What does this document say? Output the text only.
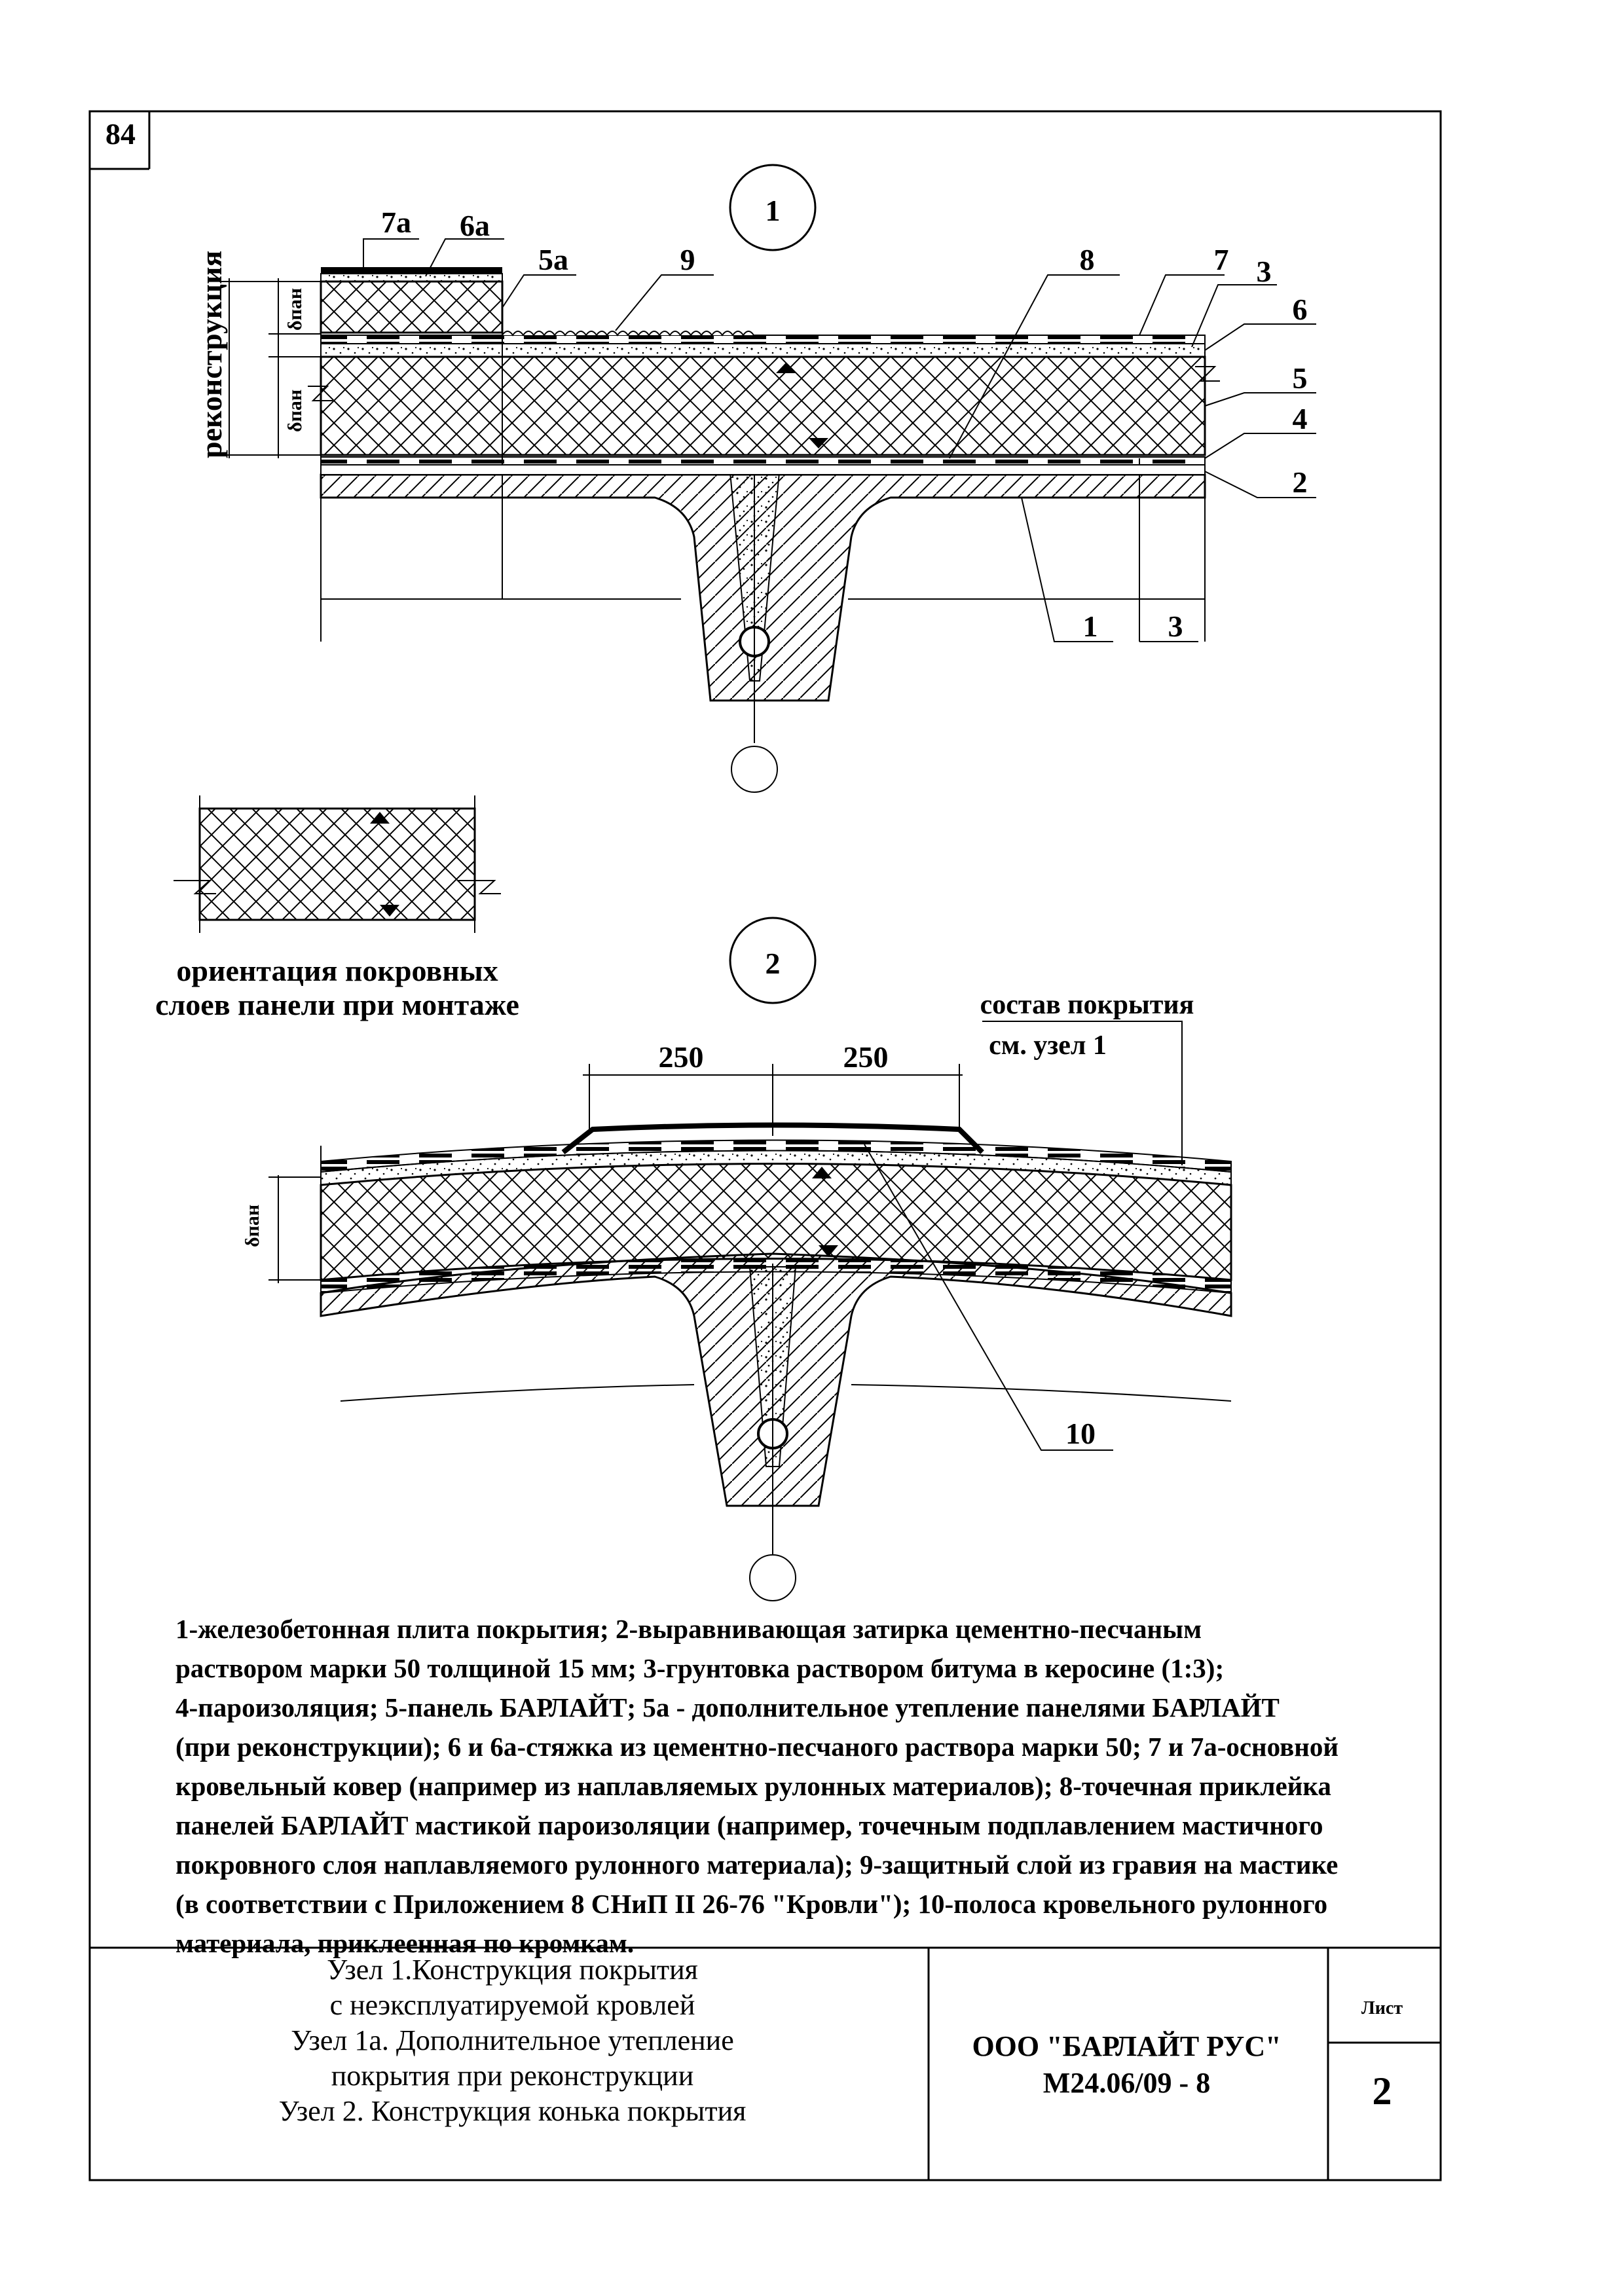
1
реконструкция	δпан
δпан
7а 6а
5а	9	8	7 3
6
5
4
2
1 3
ориентация покровных
слоев панели при монтаже
2
250	250
δпан
состав покрытия
см. узел 1
10
84
1-железобетонная плита покрытия; 2-выравнивающая затирка цементно-песчаным
раствором марки 50 толщиной 15 мм; 3-грунтовка раствором битума в керосине (1:3);
4-пароизоляция; 5-панель БАРЛАЙТ; 5а - дополнительное утепление панелями БАРЛАЙТ
(при реконструкции); 6 и 6а-стяжка из цементно-песчаного раствора марки 50; 7 и 7а-основной
кровельный ковер (например из наплавляемых рулонных материалов); 8-точечная приклейка
панелей БАРЛАЙТ мастикой пароизоляции (например, точечным подплавлением мастичного
покровного слоя наплавляемого рулонного материала); 9-защитный слой из гравия на мастике
(в соответствии с Приложением 8 СНиП II 26-76 "Кровли"); 10-полоса кровельного рулонного
материала, приклеенная по кромкам.
Узел 1.Конструкция покрытия
с неэксплуатируемой кровлей
Узел 1а. Дополнительное утепление
покрытия при реконструкции
Узел 2. Конструкция конька покрытия
ООО "БАРЛАЙТ РУС"
М24.06/09 - 8
Лист
2
